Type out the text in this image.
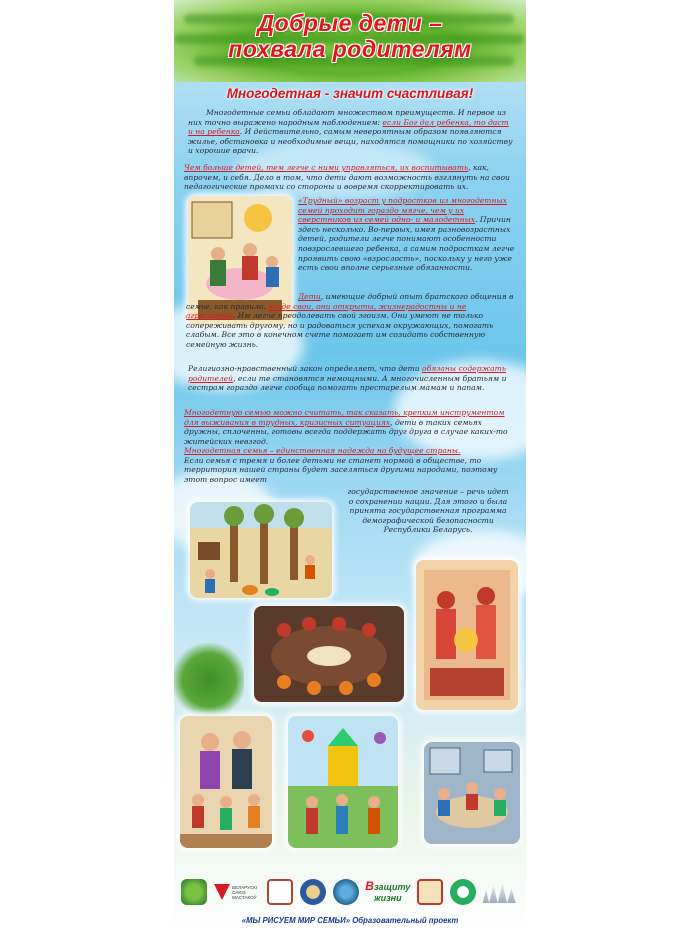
Добрые дети –
похвала родителям
Многодетная - значит счастливая!
Многодетные семьи обладают множеством преимуществ. И первое из них точно выражено народным наблюдением: если Бог дал ребенка, то даст и на ребенка. И действительно, самым невероятным образом появляются жилье, обстановка и необходимые вещи, находятся помощники по хозяйству и хорошие врачи.
Чем больше детей, тем легче с ними управляться, их воспитывать, как, впрочем, и себя. Дело в том, что дети дают возможность взглянуть на свои педагогические промахи со стороны и вовремя скорректировать их.
«Трудный» возраст у подростков из многодетных семей проходит гораздо мягче, чем у их сверстников из семей одно- и малодетных. Причин здесь несколько. Во-первых, имея разновозрастных детей, родители легче понимают особенности повзрослевшего ребенка, а самим подросткам легче проявить свою «взрослость», поскольку у него уже есть свои вполне серьезные обязанности.
Дети, имеющие добрый опыт братского общения в семье, как правило, везде свои, они открыты, жизнерадостны и не агрессивны. Им легче преодолевать свой эгоизм. Они умеют не только сопереживать другому, но и радоваться успехам окружающих, помогать слабым. Все это в конечном счете помогает им созидать собственную семейную жизнь.
Религиозно-нравственный закон определяет, что дети обязаны содержать родителей, если те становятся немощными. А многочисленным братьям и сестрам гораздо легче сообща помогать престарелым мамам и папам.
Многодетную семью можно считать, так сказать, крепким инструментом для выживания в трудных, кризисных ситуациях, дети в таких семьях дружны, сплоченны, готовы всегда поддержать друг друга в случае каких-то житейских невзгод.
Многодетная семья – единственная надежда на будущее страны.
Если семья с тремя и более детьми не станет нормой в обществе, то территория нашей страны будет заселяться другими народами, поэтому этот вопрос имеет
государственное значение – речь идет о сохранении нации. Для этого и была принята государственная программа демографической безопасности Республики Беларусь.
БЕЛАРУСКІ САЮЗ МАСТАКОЎ
Взащиту
жизни
«МЫ РИСУЕМ МИР СЕМЬИ» Образовательный проект
